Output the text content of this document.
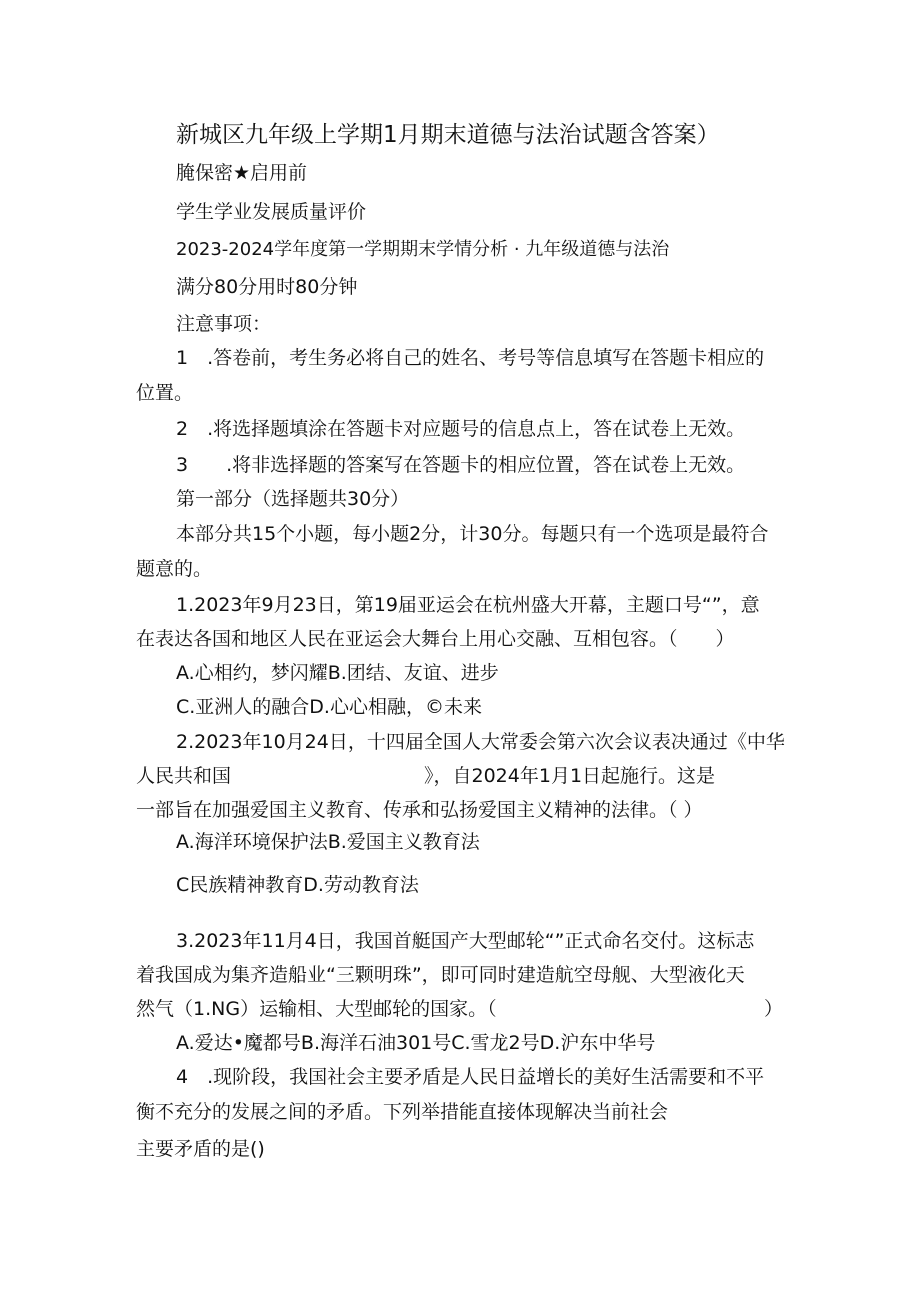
新城区九年级上学期1月期末道德与法治试题含答案）
腌保密★启用前
学生学业发展质量评价
2023-2024学年度第一学期期末学情分析 · 九年级道德与法治
满分80分用时80分钟
注意事项：
1　.答卷前，考生务必将自己的姓名、考号等信息填写在答题卡相应的
位置。
2　.将选择题填涂在答题卡对应题号的信息点上，答在试卷上无效。
3　　.将非选择题的答案写在答题卡的相应位置，答在试卷上无效。
第一部分（选择题共30分）
本部分共15个小题，每小题2分，计30分。每题只有一个选项是最符合
题意的。
1.2023年9月23日，第19届亚运会在杭州盛大开幕，主题口号“”，意
在表达各国和地区人民在亚运会大舞台上用心交融、互相包容。（　　）
A.心相约，梦闪耀B.团结、友谊、进步
C.亚洲人的融合D.心心相融，©未来
2.2023年10月24日，十四届全国人大常委会第六次会议表决通过《中华
人民共和国	》，自2024年1月1日起施行。这是
一部旨在加强爱国主义教育、传承和弘扬爱国主义精神的法律。（ ）
A.海洋环境保护法B.爱国主义教育法
C民族精神教育D.劳动教育法
3.2023年11月4日，我国首艇国产大型邮轮“”正式命名交付。这标志
着我国成为集齐造船业“三颗明珠”，即可同时建造航空母舰、大型液化天
然气（1.NG）运输相、大型邮轮的国家。（	）
A.爱达•魔都号B.海洋石油301号C.雪龙2号D.沪东中华号
4　.现阶段，我国社会主要矛盾是人民日益增长的美好生活需要和不平
衡不充分的发展之间的矛盾。下列举措能直接体现解决当前社会
主要矛盾的是()
